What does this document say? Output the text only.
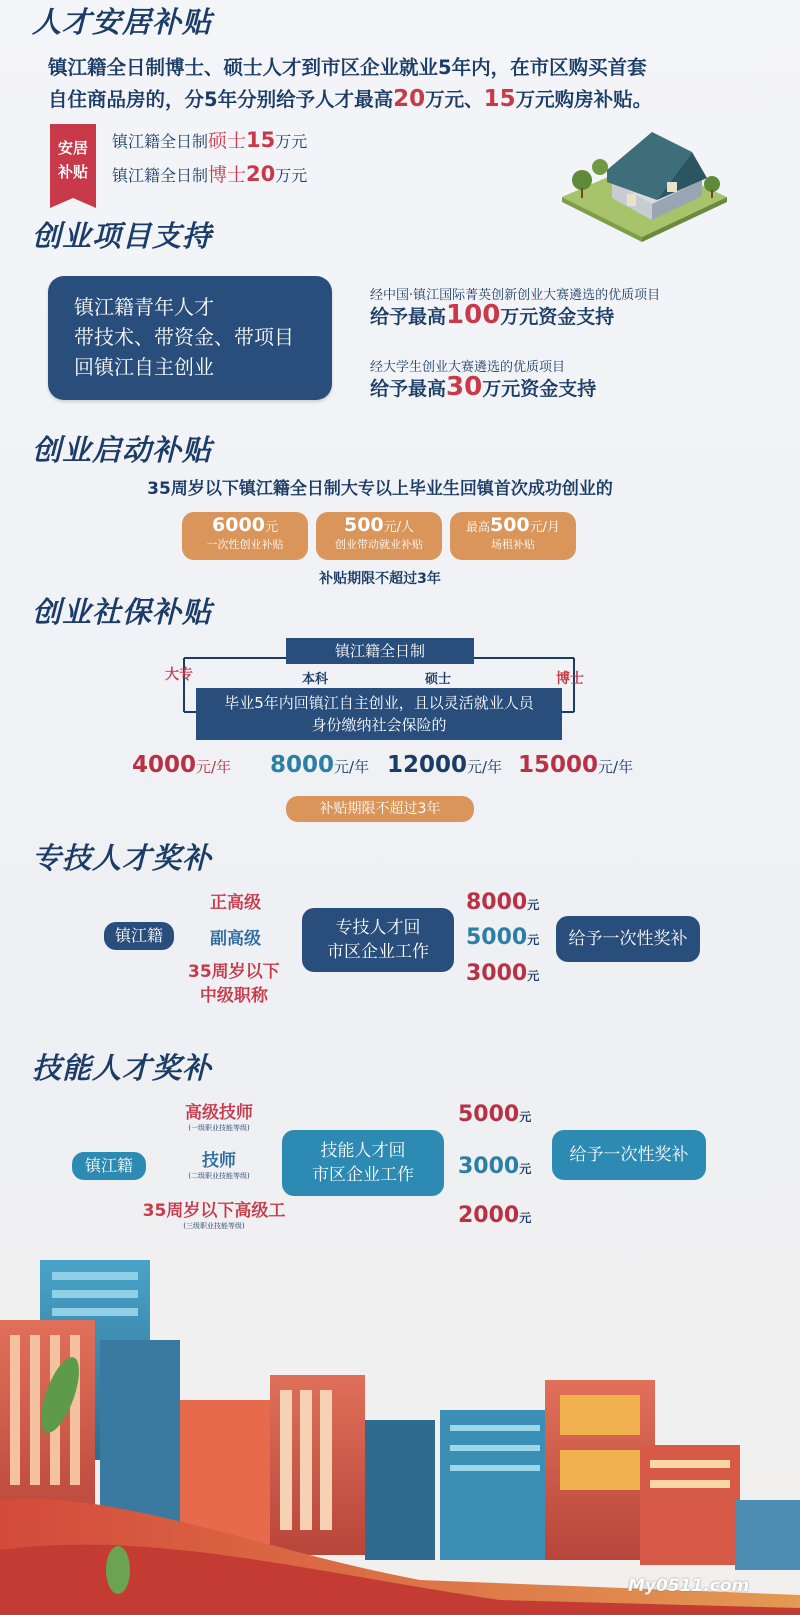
人才安居补贴
镇江籍全日制博士、硕士人才到市区企业就业5年内，在市区购买首套
自住商品房的，分5年分别给予人才最高20万元、15万元购房补贴。
安居
补贴
镇江籍全日制硕士15万元
镇江籍全日制博士20万元
创业项目支持
镇江籍青年人才
带技术、带资金、带项目
回镇江自主创业
经中国·镇江国际菁英创新创业大赛遴选的优质项目
给予最高100万元资金支持
经大学生创业大赛遴选的优质项目
给予最高30万元资金支持
创业启动补贴
35周岁以下镇江籍全日制大专以上毕业生回镇首次成功创业的
6000元
一次性创业补贴
500元/人
创业带动就业补贴
最高500元/月
场租补贴
补贴期限不超过3年
创业社保补贴
镇江籍全日制
大专	本科	硕士	博士
毕业5年内回镇江自主创业，且以灵活就业人员
身份缴纳社会保险的
4000元/年 8000元/年 12000元/年 15000元/年
补贴期限不超过3年
专技人才奖补
镇江籍
正高级
副高级
35周岁以下
中级职称
专技人才回
市区企业工作
8000元
5000元
3000元
给予一次性奖补
技能人才奖补
镇江籍
高级技师
(一级职业技能等级)
技师
(二级职业技能等级)
35周岁以下高级工
(三级职业技能等级)
技能人才回
市区企业工作
5000元
3000元
2000元
给予一次性奖补
My0511.com
